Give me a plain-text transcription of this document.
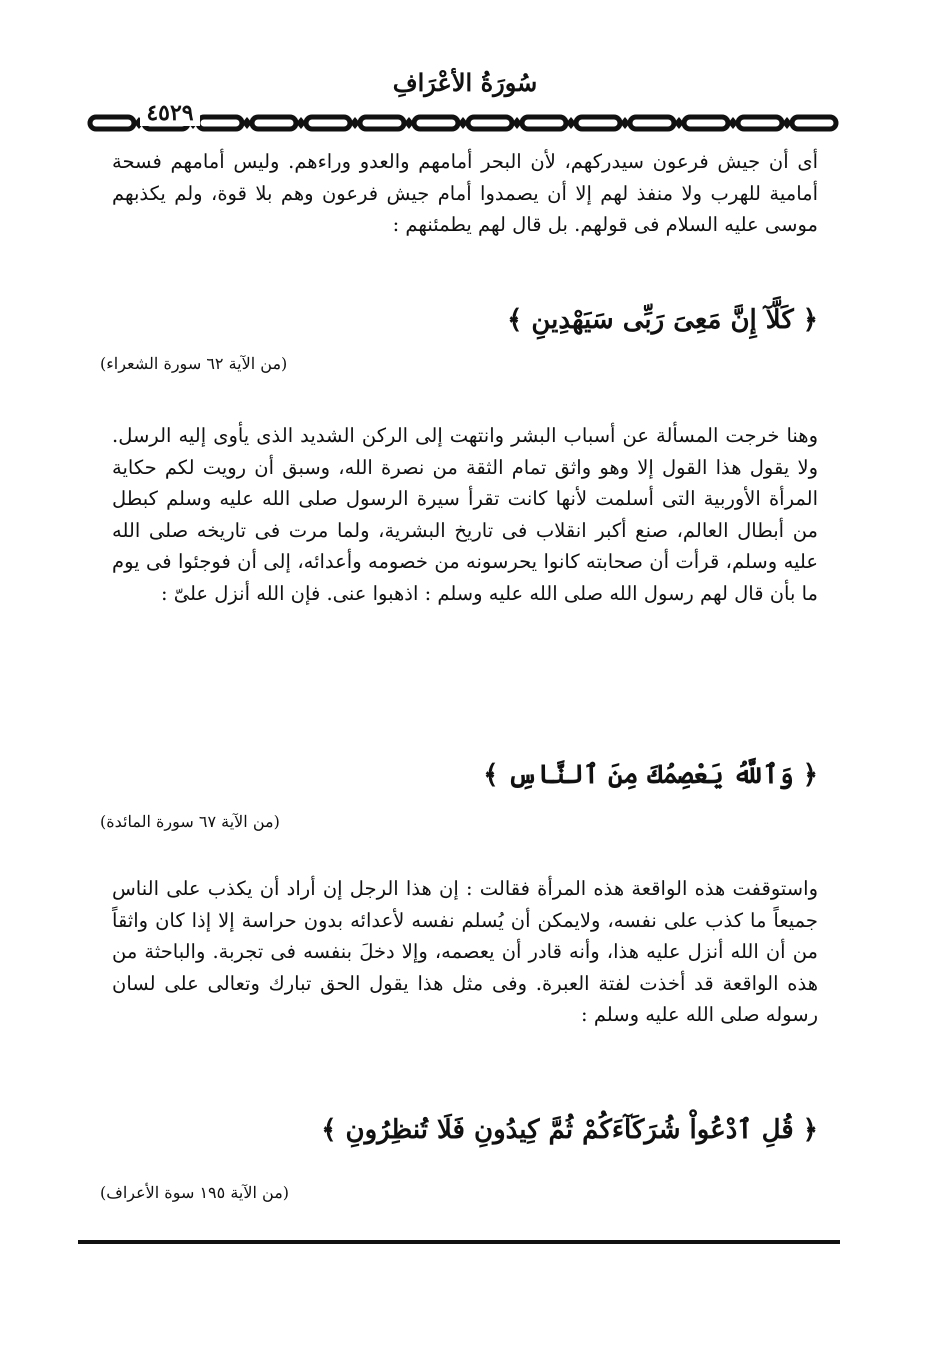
سُورَةُ الأعْرَافِ
٤٥٢٩
أى أن جيش فرعون سيدركهم، لأن البحر أمامهم والعدو وراءهم. وليس أمامهم فسحة أمامية للهرب ولا منفذ لهم إلا أن يصمدوا أمام جيش فرعون وهم بلا قوة، ولم يكذبهم موسى عليه السلام فى قولهم. بل قال لهم يطمئنهم :
﴿ كَلَّآ إِنَّ مَعِىَ رَبِّى سَيَهْدِينِ ﴾
(من الآية ٦٢ سورة الشعراء)
وهنا خرجت المسألة عن أسباب البشر وانتهت إلى الركن الشديد الذى يأوى إليه الرسل. ولا يقول هذا القول إلا وهو واثق تمام الثقة من نصرة الله، وسبق أن رويت لكم حكاية المرأة الأوربية التى أسلمت لأنها كانت تقرأ سيرة الرسول صلى الله عليه وسلم كبطل من أبطال العالم، صنع أكبر انقلاب فى تاريخ البشرية، ولما مرت فى تاريخه صلى الله عليه وسلم، قرأت أن صحابته كانوا يحرسونه من خصومه وأعدائه، إلى أن فوجئوا فى يوم ما بأن قال لهم رسول الله صلى الله عليه وسلم : اذهبوا عنى. فإن الله أنزل علىّ :
﴿ وَٱللَّهُ يَعْصِمُكَ مِنَ ٱلنَّاسِ ﴾
(من الآية ٦٧ سورة المائدة)
واستوقفت هذه الواقعة هذه المرأة فقالت : إن هذا الرجل إن أراد أن يكذب على الناس جميعاً ما كذب على نفسه، ولايمكن أن يُسلم نفسه لأعدائه بدون حراسة إلا إذا كان واثقاً من أن الله أنزل عليه هذا، وأنه قادر أن يعصمه، وإلا دخلَ بنفسه فى تجربة. والباحثة من هذه الواقعة قد أخذت لفتة العبرة. وفى مثل هذا يقول الحق تبارك وتعالى على لسان رسوله صلى الله عليه وسلم :
﴿ قُلِ ٱدْعُواْ شُرَكَآءَكُمْ ثُمَّ كِيدُونِ فَلَا تُنظِرُونِ ﴾
(من الآية ١٩٥ سوة الأعراف)
